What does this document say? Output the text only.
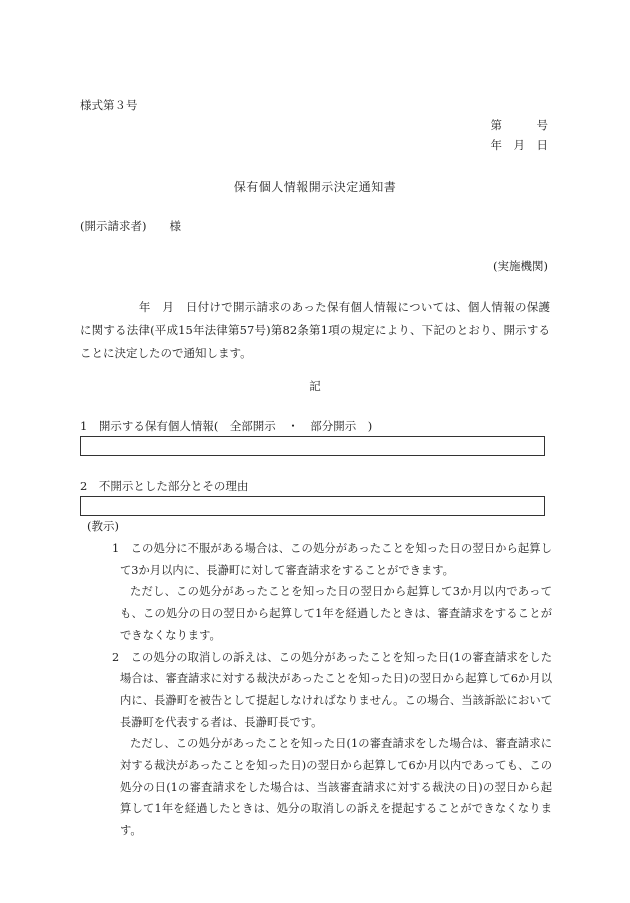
様式第３号
第　　　号
年　月　日
保有個人情報開示決定通知書
(開示請求者)　　様
(実施機関)

　　　　　年　月　日付けで開示請求のあった保有個人情報については、個人情報の保護に関する法律(平成15年法律第57号)第82条第1項の規定により、下記のとおり、開示することに決定したので通知します。

記
1　開示する保有個人情報(　全部開示　・　部分開示　)
2　不開示とした部分とその理由
(教示)

1　この処分に不服がある場合は、この処分があったことを知った日の翌日から起算して3か月以内に、長瀞町に対して審査請求をすることができます。

ただし、この処分があったことを知った日の翌日から起算して3か月以内であっても、この処分の日の翌日から起算して1年を経過したときは、審査請求をすることができなくなります。

2　この処分の取消しの訴えは、この処分があったことを知った日(1の審査請求をした場合は、審査請求に対する裁決があったことを知った日)の翌日から起算して6か月以内に、長瀞町を被告として提起しなければなりません。この場合、当該訴訟において長瀞町を代表する者は、長瀞町長です。

ただし、この処分があったことを知った日(1の審査請求をした場合は、審査請求に対する裁決があったことを知った日)の翌日から起算して6か月以内であっても、この処分の日(1の審査請求をした場合は、当該審査請求に対する裁決の日)の翌日から起算して1年を経過したときは、処分の取消しの訴えを提起することができなくなります。
